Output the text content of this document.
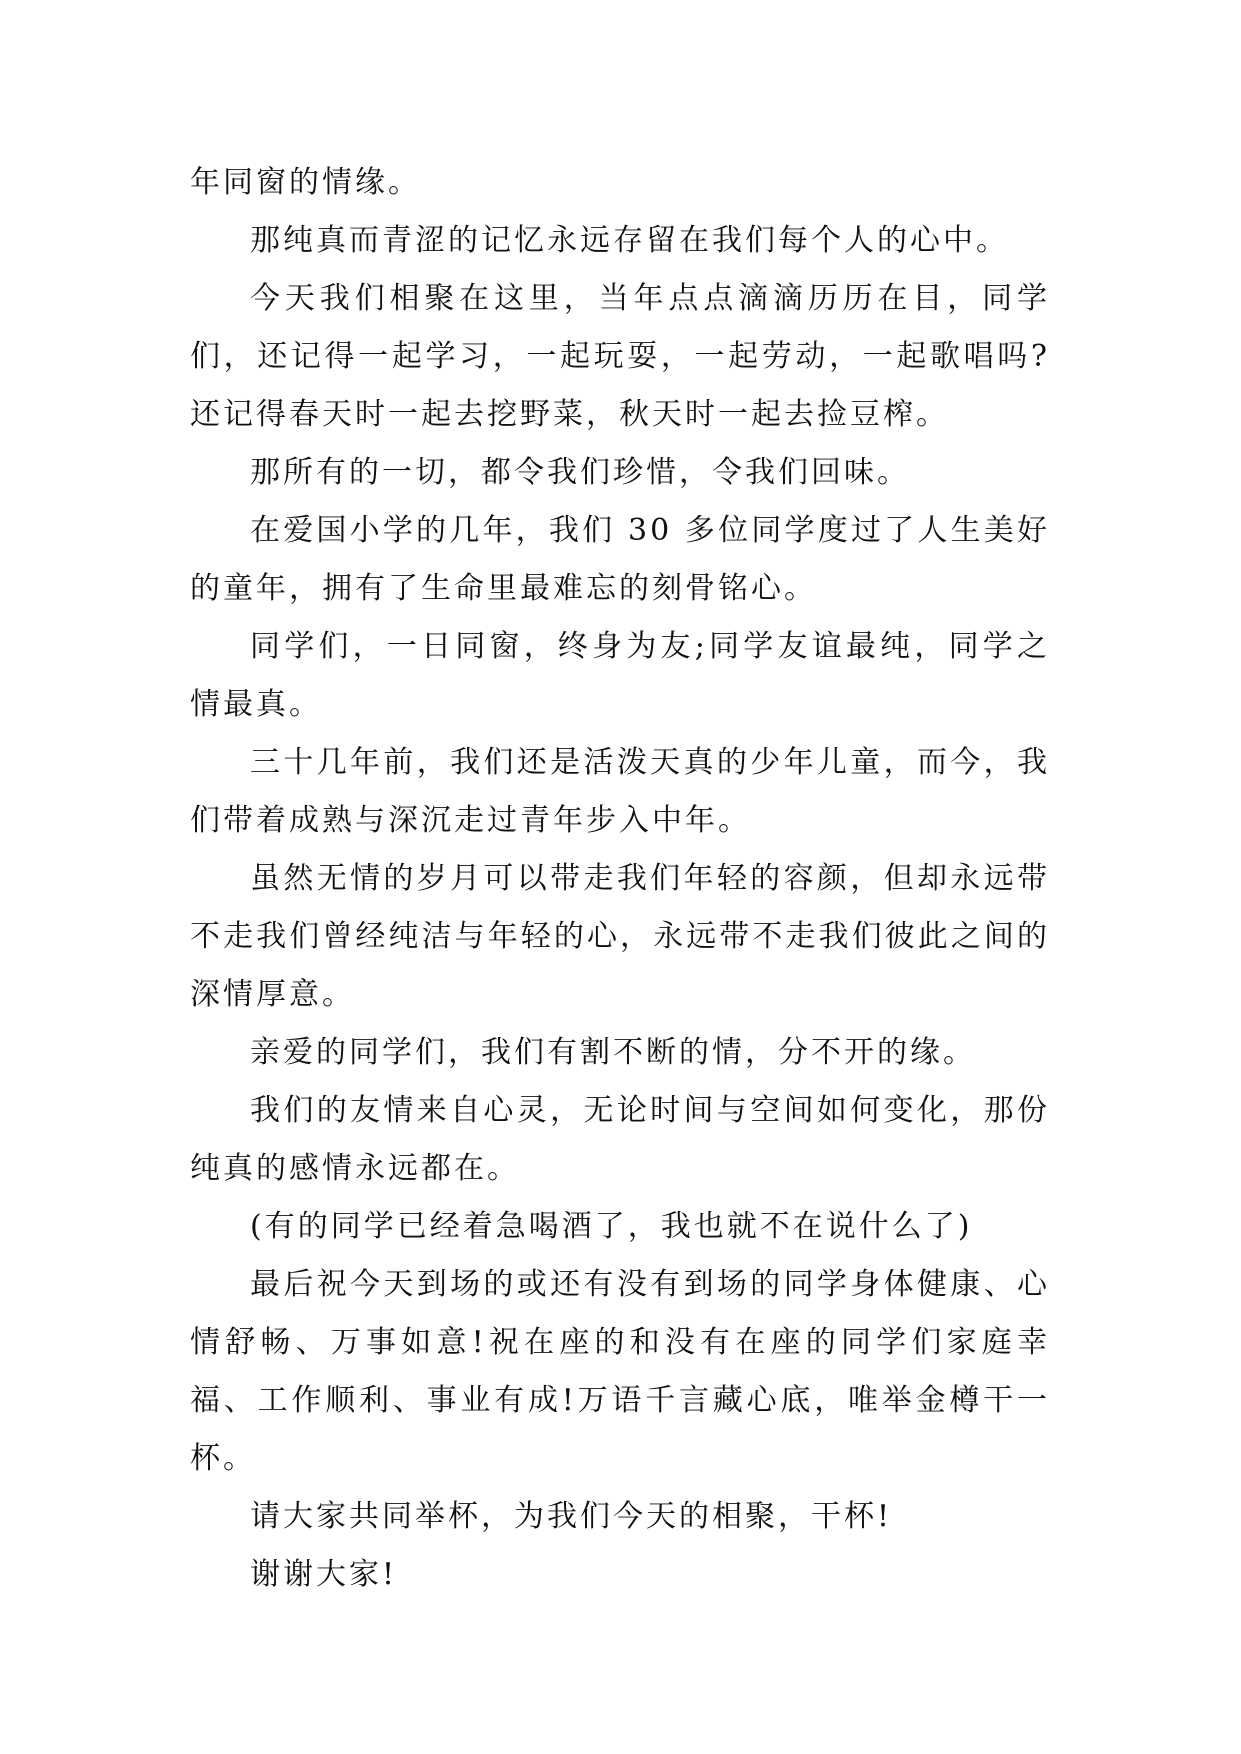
年同窗的情缘。

那纯真而青涩的记忆永远存留在我们每个人的心中。

今天我们相聚在这里，当年点点滴滴历历在目，同学们，还记得一起学习，一起玩耍，一起劳动，一起歌唱吗?还记得春天时一起去挖野菜，秋天时一起去捡豆榨。

那所有的一切，都令我们珍惜，令我们回味。

在爱国小学的几年，我们 30 多位同学度过了人生美好的童年，拥有了生命里最难忘的刻骨铭心。

同学们，一日同窗，终身为友;同学友谊最纯，同学之情最真。

三十几年前，我们还是活泼天真的少年儿童，而今，我们带着成熟与深沉走过青年步入中年。

虽然无情的岁月可以带走我们年轻的容颜，但却永远带不走我们曾经纯洁与年轻的心，永远带不走我们彼此之间的深情厚意。

亲爱的同学们，我们有割不断的情，分不开的缘。

我们的友情来自心灵，无论时间与空间如何变化，那份纯真的感情永远都在。

(有的同学已经着急喝酒了，我也就不在说什么了)

最后祝今天到场的或还有没有到场的同学身体健康、心情舒畅、万事如意!祝在座的和没有在座的同学们家庭幸福、工作顺利、事业有成!万语千言藏心底，唯举金樽干一杯。

请大家共同举杯，为我们今天的相聚，干杯!

谢谢大家!
